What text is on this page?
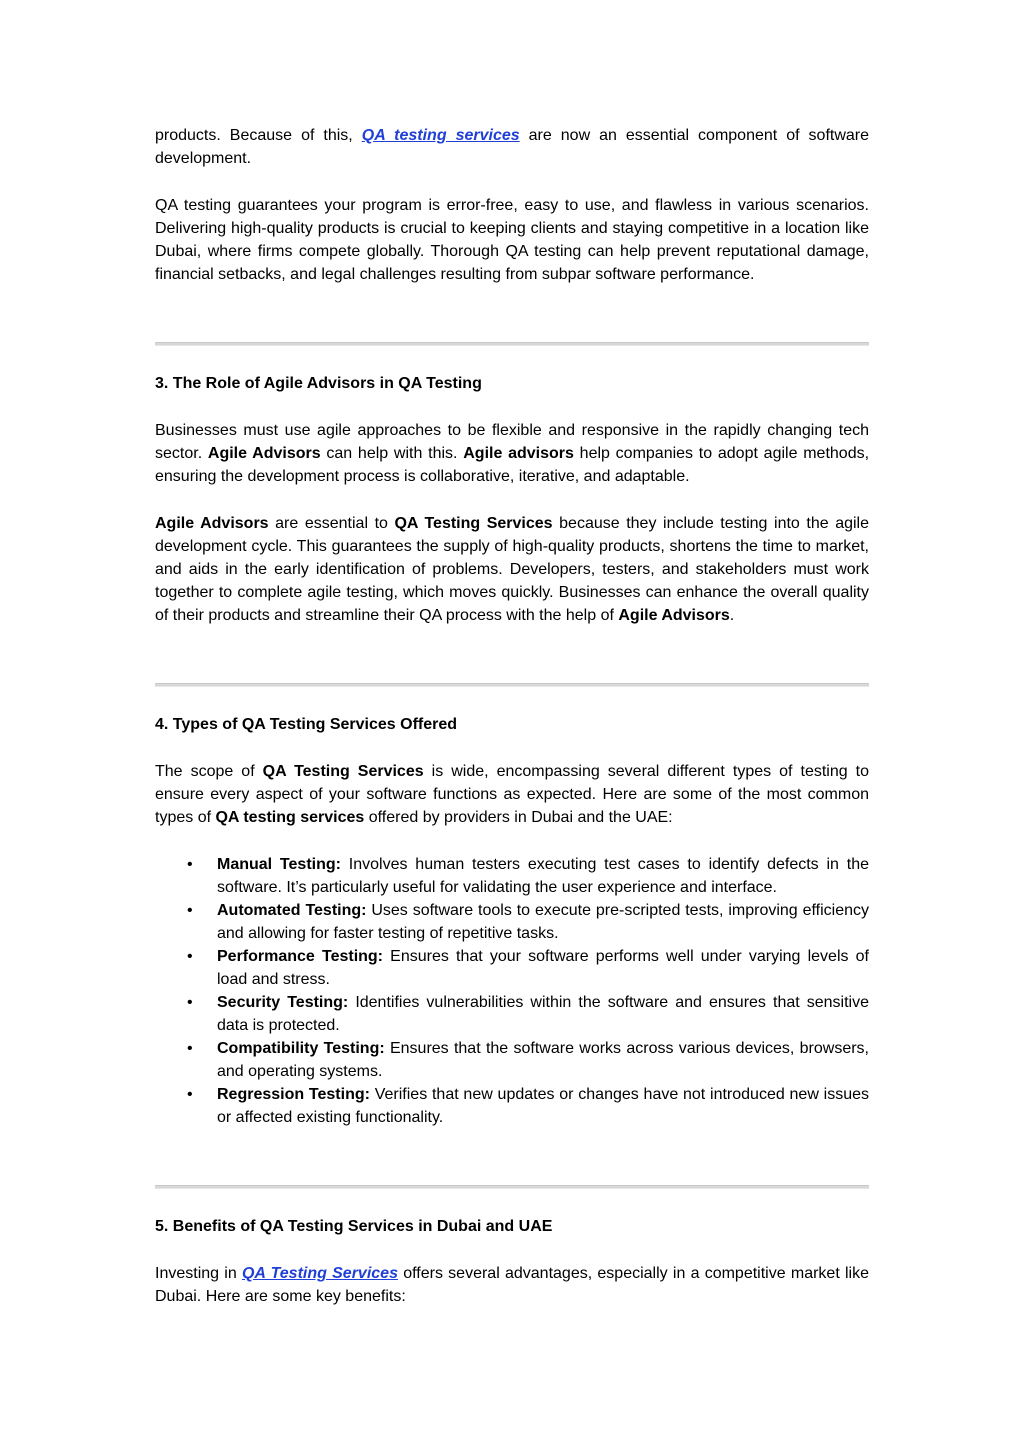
products. Because of this, QA testing services are now an essential component of software development.

QA testing guarantees your program is error-free, easy to use, and flawless in various scenarios. Delivering high-quality products is crucial to keeping clients and staying competitive in a location like Dubai, where firms compete globally. Thorough QA testing can help prevent reputational damage, financial setbacks, and legal challenges resulting from subpar software performance.

3. The Role of Agile Advisors in QA Testing

Businesses must use agile approaches to be flexible and responsive in the rapidly changing tech sector. Agile Advisors can help with this. Agile advisors help companies to adopt agile methods, ensuring the development process is collaborative, iterative, and adaptable.

Agile Advisors are essential to QA Testing Services because they include testing into the agile development cycle. This guarantees the supply of high-quality products, shortens the time to market, and aids in the early identification of problems. Developers, testers, and stakeholders must work together to complete agile testing, which moves quickly. Businesses can enhance the overall quality of their products and streamline their QA process with the help of Agile Advisors.

4. Types of QA Testing Services Offered

The scope of QA Testing Services is wide, encompassing several different types of testing to ensure every aspect of your software functions as expected. Here are some of the most common types of QA testing services offered by providers in Dubai and the UAE:

• Manual Testing: Involves human testers executing test cases to identify defects in the software. It’s particularly useful for validating the user experience and interface.
• Automated Testing: Uses software tools to execute pre-scripted tests, improving efficiency and allowing for faster testing of repetitive tasks.
• Performance Testing: Ensures that your software performs well under varying levels of load and stress.
• Security Testing: Identifies vulnerabilities within the software and ensures that sensitive data is protected.
• Compatibility Testing: Ensures that the software works across various devices, browsers, and operating systems.
• Regression Testing: Verifies that new updates or changes have not introduced new issues or affected existing functionality.
5. Benefits of QA Testing Services in Dubai and UAE

Investing in QA Testing Services offers several advantages, especially in a competitive market like Dubai. Here are some key benefits:
